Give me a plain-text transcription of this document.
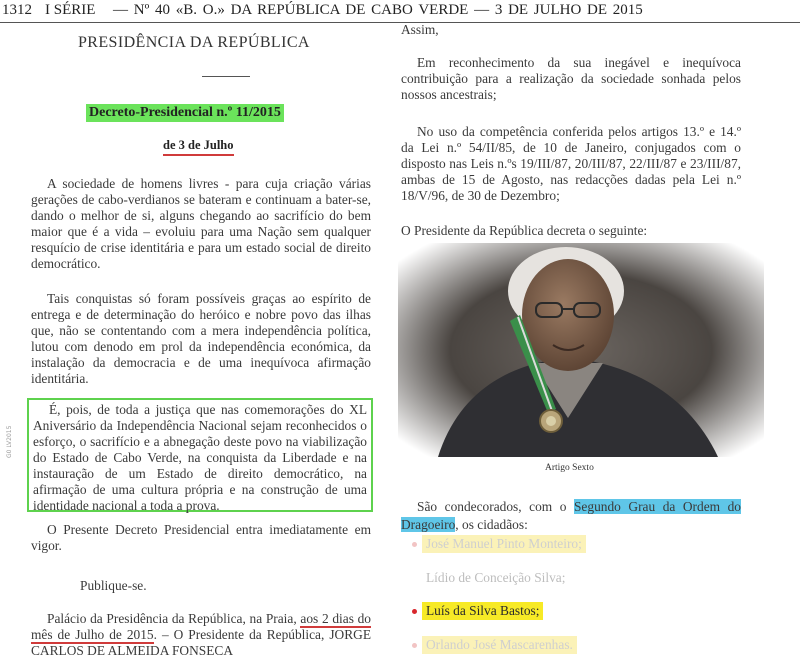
1312 I SÉRIE — Nº 40 «B. O.» DA REPÚBLICA DE CABO VERDE — 3 DE JULHO DE 2015
PRESIDÊNCIA DA REPÚBLICA
Decreto-Presidencial n.º 11/2015
de 3 de Julho

A sociedade de homens livres - para cuja criação várias gerações de cabo-verdianos se bateram e continuam a bater-se, dando o melhor de si, alguns chegando ao sacrifício do bem maior que é a vida – evoluiu para uma Nação sem qualquer resquício de crise identitária e para um estado social de direito democrático.

Tais conquistas só foram possíveis graças ao espírito de entrega e de determinação do heróico e nobre povo das ilhas que, não se contentando com a mera independência política, lutou com denodo em prol da independência económica, da instalação da democracia e de uma inequívoca afirmação identitária.

É, pois, de toda a justiça que nas comemorações do XL Aniversário da Independência Nacional sejam reconhecidos o esforço, o sacrifício e a abnegação deste povo na viabilização do Estado de Cabo Verde, na conquista da Liberdade e na instauração de um Estado de direito democrático, na afirmação de uma cultura própria e na construção de uma identidade nacional a toda a prova.

G0 LV2015

O Presente Decreto Presidencial entra imediatamente em vigor.

Publique-se.

Palácio da Presidência da República, na Praia, aos 2 dias do mês de Julho de 2015. – O Presidente da República, JORGE CARLOS DE ALMEIDA FONSECA

Assim,

Em reconhecimento da sua inegável e inequívoca contribuição para a realização da sociedade sonhada pelos nossos ancestrais;

No uso da competência conferida pelos artigos 13.º e 14.º da Lei n.º 54/II/85, de 10 de Janeiro, conjugados com o disposto nas Leis n.ºs 19/III/87, 20/III/87, 22/III/87 e 23/III/87, ambas de 15 de Agosto, nas redacções dadas pela Lei n.º 18/V/96, de 30 de Dezembro;

O Presidente da República decreta o seguinte:

Artigo Sexto

São condecorados, com o Segundo Grau da Ordem do Dragoeiro, os cidadãos:

José Manuel Pinto Monteiro;
Lídio de Conceição Silva;
Luís da Silva Bastos;
Orlando José Mascarenhas.
